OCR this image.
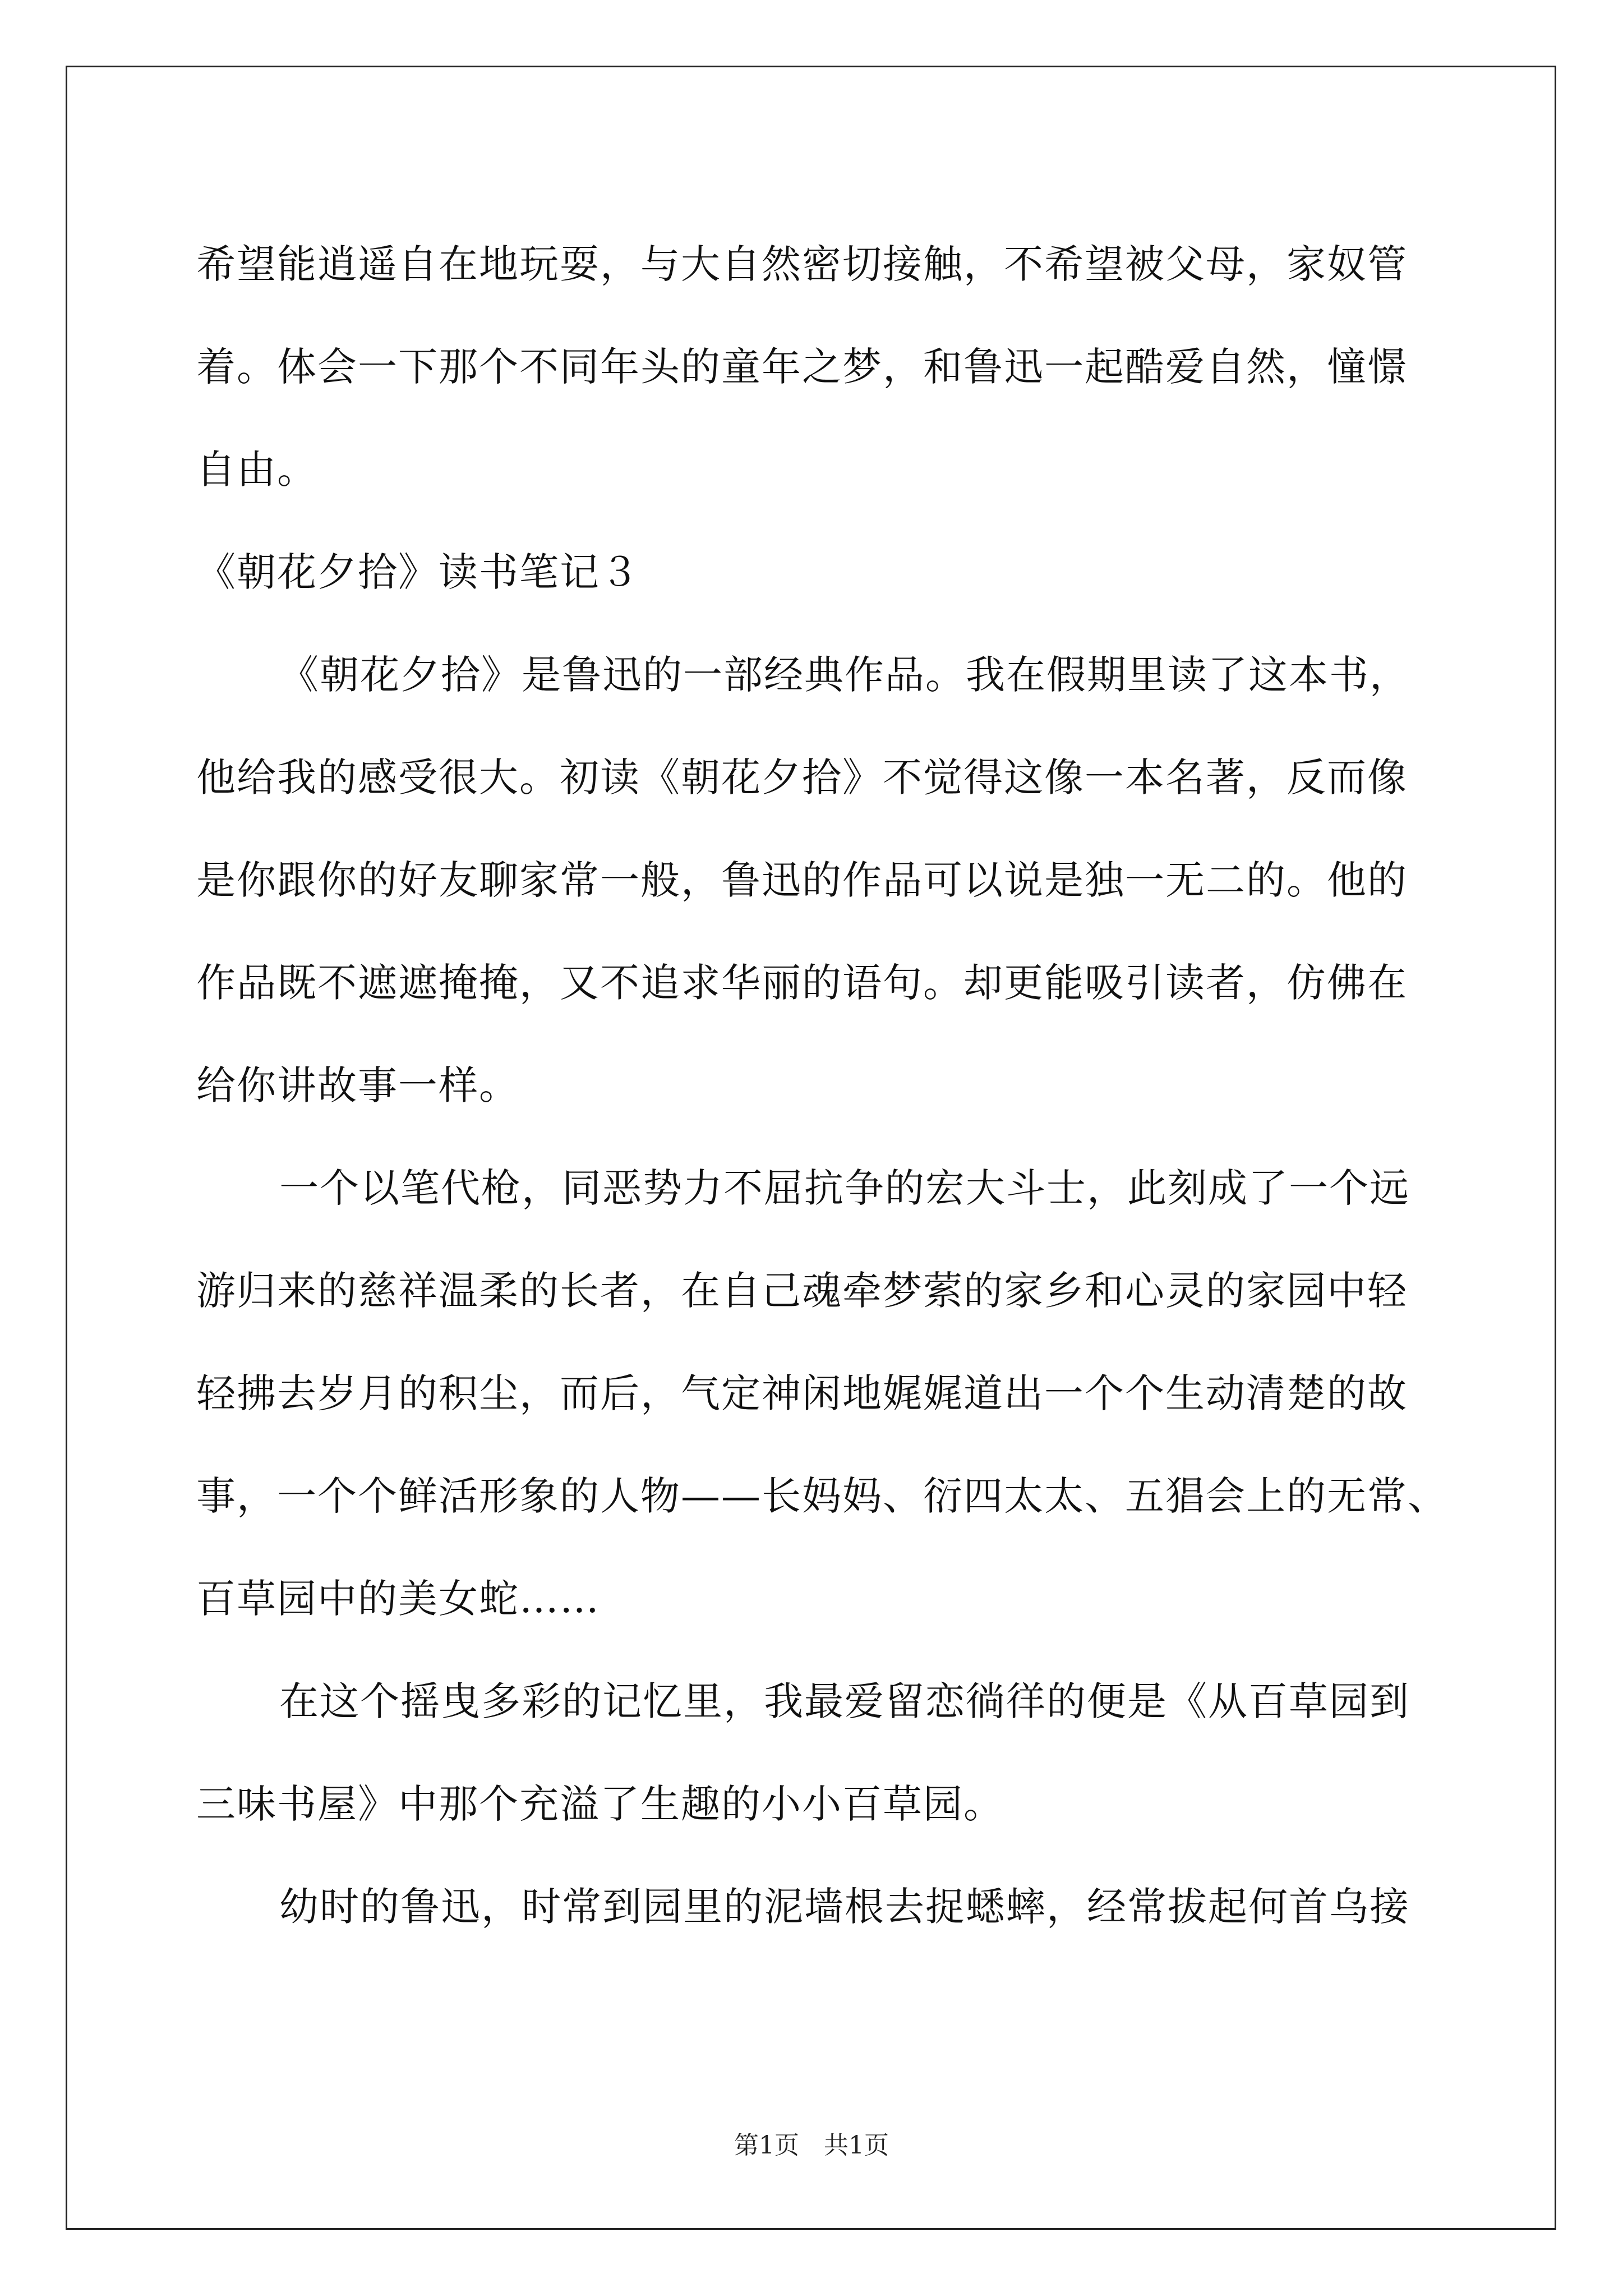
希望能逍遥自在地玩耍，与大自然密切接触，不希望被父母，家奴管
着。体会一下那个不同年头的童年之梦，和鲁迅一起酷爱自然，憧憬
自由。
《朝花夕拾》读书笔记３
《朝花夕拾》是鲁迅的一部经典作品。我在假期里读了这本书，
他给我的感受很大。初读《朝花夕拾》不觉得这像一本名著，反而像
是你跟你的好友聊家常一般，鲁迅的作品可以说是独一无二的。他的
作品既不遮遮掩掩，又不追求华丽的语句。却更能吸引读者，仿佛在
给你讲故事一样。
一个以笔代枪，同恶势力不屈抗争的宏大斗士，此刻成了一个远
游归来的慈祥温柔的长者，在自己魂牵梦萦的家乡和心灵的家园中轻
轻拂去岁月的积尘，而后，气定神闲地娓娓道出一个个生动清楚的故
事，一个个鲜活形象的人物——长妈妈、衍四太太、五猖会上的无常、
百草园中的美女蛇……
在这个摇曳多彩的记忆里，我最爱留恋徜徉的便是《从百草园到
三味书屋》中那个充溢了生趣的小小百草园。
幼时的鲁迅，时常到园里的泥墙根去捉蟋蟀，经常拔起何首乌接
第1页　共1页
